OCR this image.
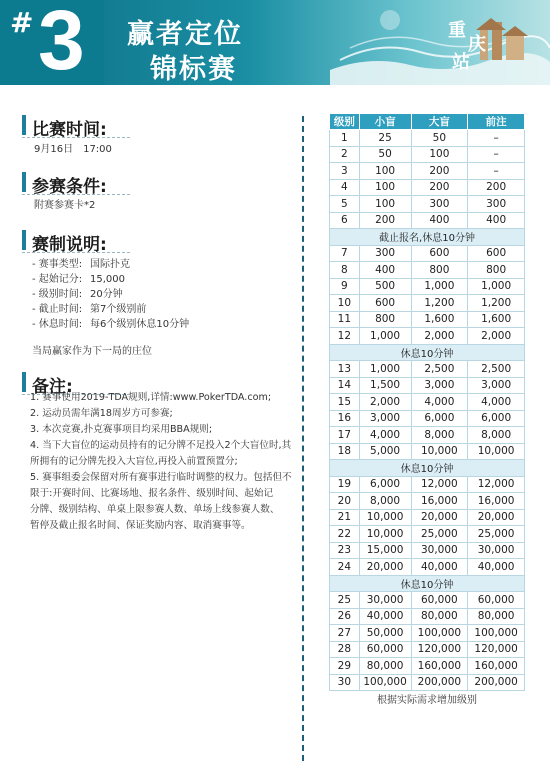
# 3 赢者定位
锦标赛
重
庆
站
比赛时间:
9月16日　17:00
参赛条件:
附赛参赛卡*2
赛制说明:
- 赛事类型: 国际扑克
- 起始记分: 15,000
- 级别时间: 20分钟
- 截止时间: 第7个级别前
- 休息时间: 每6个级别休息10分钟
当局赢家作为下一局的庄位
备注:
1. 赛事使用2019-TDA规则,详情:www.PokerTDA.com;
2. 运动员需年满18周岁方可参赛;
3. 本次竞赛,扑克赛事项目均采用BBA规则;
4. 当下大盲位的运动员持有的记分牌不足投入2个大盲位时,其
所拥有的记分牌先投入大盲位,再投入前置预置分;
5. 赛事组委会保留对所有赛事进行临时调整的权力。包括但不
限于:开赛时间、比赛场地、报名条件、级别时间、起始记
分牌、级别结构、单桌上限参赛人数、单场上线参赛人数、
暂停及截止报名时间、保证奖励内容、取消赛事等。
级别	小盲	大盲	前注
1	25	50	–
2	50	100	–
3	100	200	–
4	100	200	200
5	100	300	300
6	200	400	400
截止报名,休息10分钟			
7	300	600	600
8	400	800	800
9	500	1,000	1,000
10	600	1,200	1,200
11	800	1,600	1,600
12	1,000	2,000	2,000
休息10分钟			
13	1,000	2,500	2,500
14	1,500	3,000	3,000
15	2,000	4,000	4,000
16	3,000	6,000	6,000
17	4,000	8,000	8,000
18	5,000	10,000	10,000
休息10分钟			
19	6,000	12,000	12,000
20	8,000	16,000	16,000
21	10,000	20,000	20,000
22	10,000	25,000	25,000
23	15,000	30,000	30,000
24	20,000	40,000	40,000
休息10分钟			
25	30,000	60,000	60,000
26	40,000	80,000	80,000
27	50,000	100,000	100,000
28	60,000	120,000	120,000
29	80,000	160,000	160,000
30	100,000	200,000	200,000
根据实际需求增加级别
